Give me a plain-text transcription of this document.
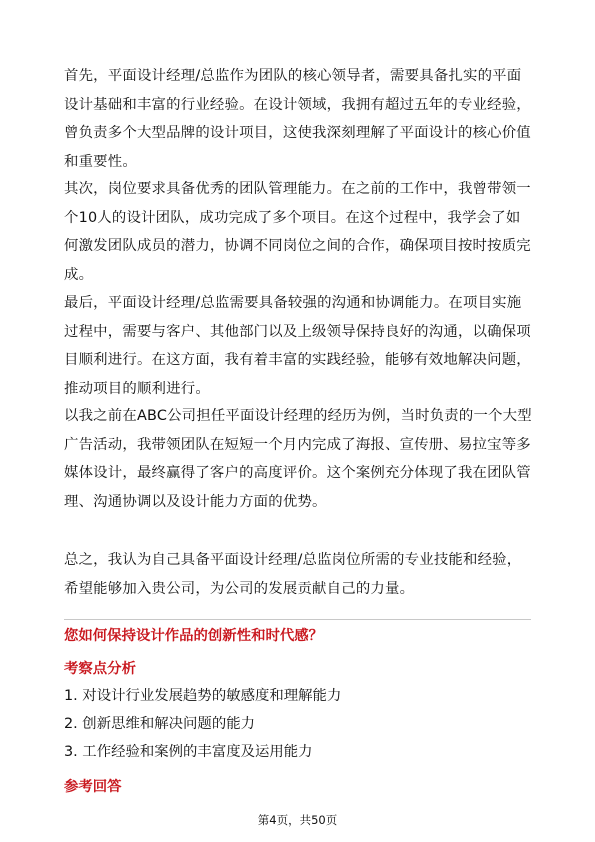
首先，平面设计经理/总监作为团队的核心领导者，需要具备扎实的平面设计基础和丰富的行业经验。在设计领域，我拥有超过五年的专业经验，曾负责多个大型品牌的设计项目，这使我深刻理解了平面设计的核心价值和重要性。

其次，岗位要求具备优秀的团队管理能力。在之前的工作中，我曾带领一个10人的设计团队，成功完成了多个项目。在这个过程中，我学会了如何激发团队成员的潜力，协调不同岗位之间的合作，确保项目按时按质完成。

最后，平面设计经理/总监需要具备较强的沟通和协调能力。在项目实施过程中，需要与客户、其他部门以及上级领导保持良好的沟通，以确保项目顺利进行。在这方面，我有着丰富的实践经验，能够有效地解决问题，推动项目的顺利进行。

以我之前在ABC公司担任平面设计经理的经历为例，当时负责的一个大型广告活动，我带领团队在短短一个月内完成了海报、宣传册、易拉宝等多媒体设计，最终赢得了客户的高度评价。这个案例充分体现了我在团队管理、沟通协调以及设计能力方面的优势。

总之，我认为自己具备平面设计经理/总监岗位所需的专业技能和经验，希望能够加入贵公司，为公司的发展贡献自己的力量。

您如何保持设计作品的创新性和时代感？

考察点分析

1. 对设计行业发展趋势的敏感度和理解能力

2. 创新思维和解决问题的能力

3. 工作经验和案例的丰富度及运用能力

参考回答

第4页，共50页
